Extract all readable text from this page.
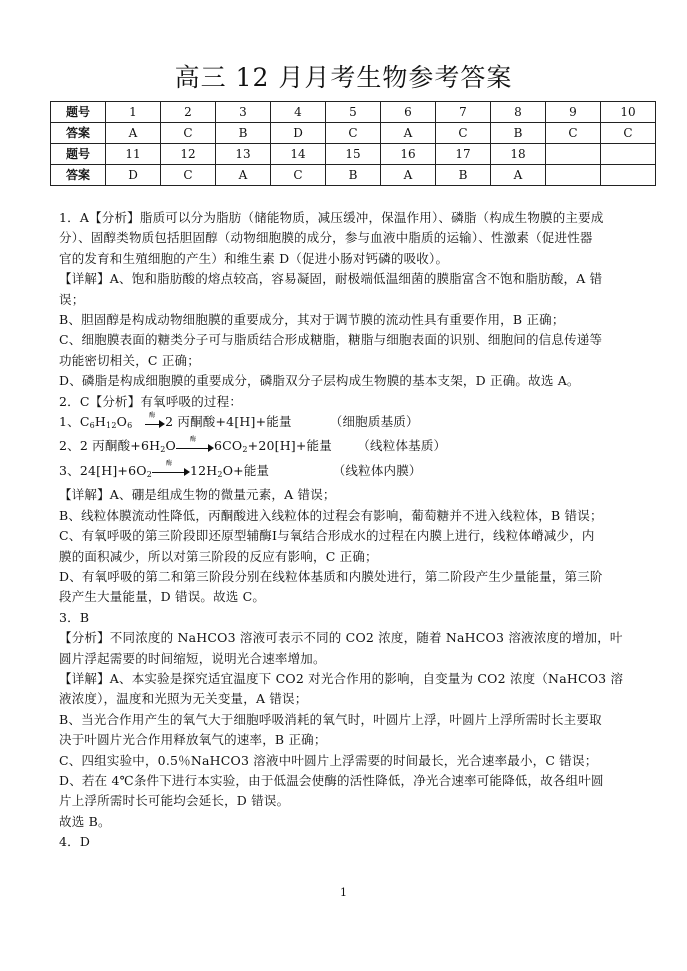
高三 12 月月考生物参考答案
题号	1	2	3	4	5	6	7	8	9	10
答案	A	C	B	D	C	A	C	B	C	C
题号	11	12	13	14	15	16	17	18		
答案	D	C	A	C	B	A	B	A		

1．A【分析】脂质可以分为脂肪（储能物质，减压缓冲，保温作用）、磷脂（构成生物膜的主要成

分）、固醇类物质包括胆固醇（动物细胞膜的成分，参与血液中脂质的运输）、性激素（促进性器

官的发育和生殖细胞的产生）和维生素 D（促进小肠对钙磷的吸收）。

【详解】A、饱和脂肪酸的熔点较高，容易凝固，耐极端低温细菌的膜脂富含不饱和脂肪酸，A 错

误；

B、胆固醇是构成动物细胞膜的重要成分，其对于调节膜的流动性具有重要作用，B 正确；

C、细胞膜表面的糖类分子可与脂质结合形成糖脂，糖脂与细胞表面的识别、细胞间的信息传递等

功能密切相关，C 正确；

D、磷脂是构成细胞膜的重要成分，磷脂双分子层构成生物膜的基本支架，D 正确。故选 A。

2．C【分析】有氧呼吸的过程：

1、$C_6H_{12}O_6$ 
酶 2 丙酮酸+4[H]+能量   	（细胞质基质）

2、2 丙酮酸$+6H_2O$ 酶 $6CO_2+20[H]+$能量   （线粒体基质）

3、$24[H]+6O_2$
酶 $12H_2O+$能量     	（线粒体内膜）

【详解】A、硼是组成生物的微量元素，A 错误；

B、线粒体膜流动性降低，丙酮酸进入线粒体的过程会有影响，葡萄糖并不进入线粒体，B 错误；

C、有氧呼吸的第三阶段即还原型辅酶Ⅰ与氧结合形成水的过程在内膜上进行，线粒体嵴减少，内

膜的面积减少，所以对第三阶段的反应有影响，C 正确；

D、有氧呼吸的第二和第三阶段分别在线粒体基质和内膜处进行，第二阶段产生少量能量，第三阶

段产生大量能量，D 错误。故选 C。

3．B

【分析】不同浓度的 NaHCO3 溶液可表示不同的 CO2 浓度，随着 NaHCO3 溶液浓度的增加，叶

圆片浮起需要的时间缩短，说明光合速率增加。

【详解】A、本实验是探究适宜温度下 CO2 对光合作用的影响，自变量为 CO2 浓度（NaHCO3 溶

液浓度），温度和光照为无关变量，A 错误；

B、当光合作用产生的氧气大于细胞呼吸消耗的氧气时，叶圆片上浮，叶圆片上浮所需时长主要取

决于叶圆片光合作用释放氧气的速率，B 正确；

C、四组实验中，0.5％NaHCO3 溶液中叶圆片上浮需要的时间最长，光合速率最小，C 错误；

D、若在 4℃条件下进行本实验，由于低温会使酶的活性降低，净光合速率可能降低，故各组叶圆

片上浮所需时长可能均会延长，D 错误。

故选 B。

4．D

1
